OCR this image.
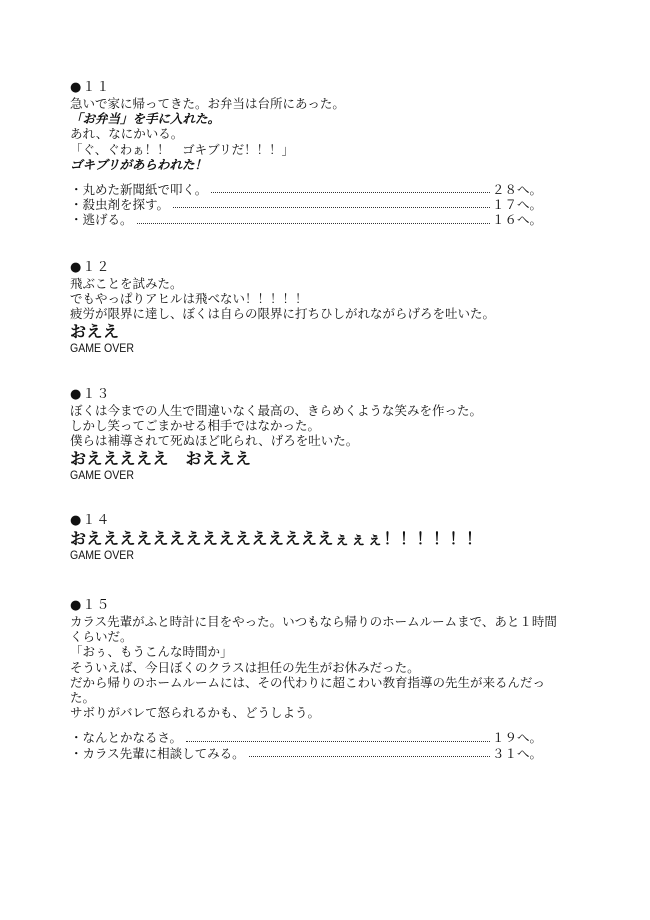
●１１
急いで家に帰ってきた。お弁当は台所にあった。
「お弁当」を手に入れた。
あれ、なにかいる。
「ぐ、ぐわぁ！！　ゴキブリだ！！！」
ゴキブリがあらわれた！
・丸めた新聞紙で叩く。	２８へ。
・殺虫剤を探す。	１７へ。
・逃げる。	１６へ。
●１２
飛ぶことを試みた。
でもやっぱりアヒルは飛べない！！！！！
疲労が限界に達し、ぼくは自らの限界に打ちひしがれながらげろを吐いた。
おええ
GAME OVER
●１３
ぼくは今までの人生で間違いなく最高の、きらめくような笑みを作った。
しかし笑ってごまかせる相手ではなかった。
僕らは補導されて死ぬほど叱られ、げろを吐いた。
おえええええ　おえええ
GAME OVER
●１４
おえええええええええええええええぇぇぇ！！！！！！
GAME OVER
●１５
カラス先輩がふと時計に目をやった。いつもなら帰りのホームルームまで、あと１時間くらいだ。
「おぅ、もうこんな時間か」
そういえば、今日ぼくのクラスは担任の先生がお休みだった。
だから帰りのホームルームには、その代わりに超こわい教育指導の先生が来るんだった。
サボりがバレて怒られるかも、どうしよう。
・なんとかなるさ。	１９へ。
・カラス先輩に相談してみる。	３１へ。
